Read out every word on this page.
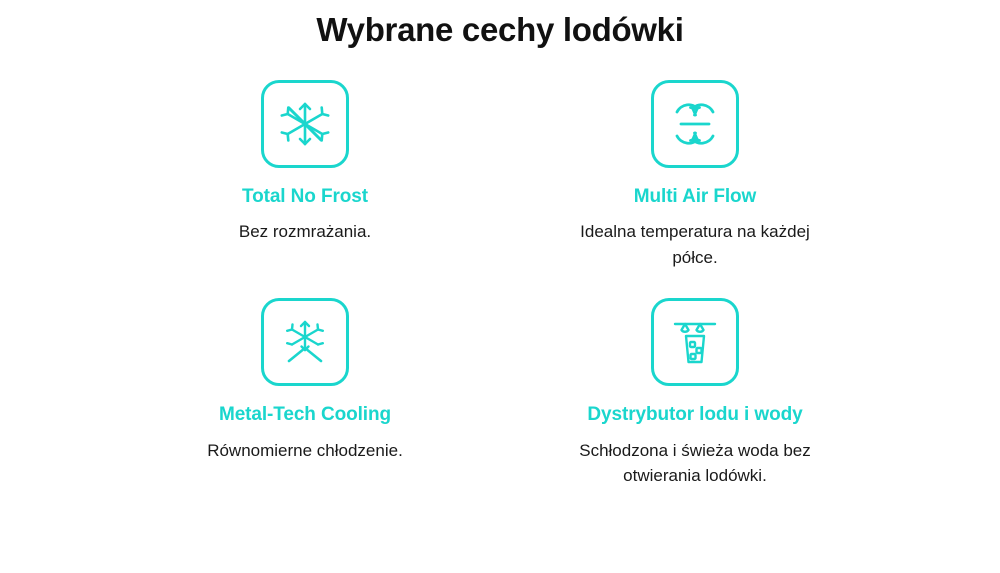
Wybrane cechy lodówki
Total No Frost
Bez rozmrażania.
Multi Air Flow
Idealna temperatura na każdej półce.
Metal-Tech Cooling
Równomierne chłodzenie.
Dystrybutor lodu i wody
Schłodzona i świeża woda bez otwierania lodówki.
